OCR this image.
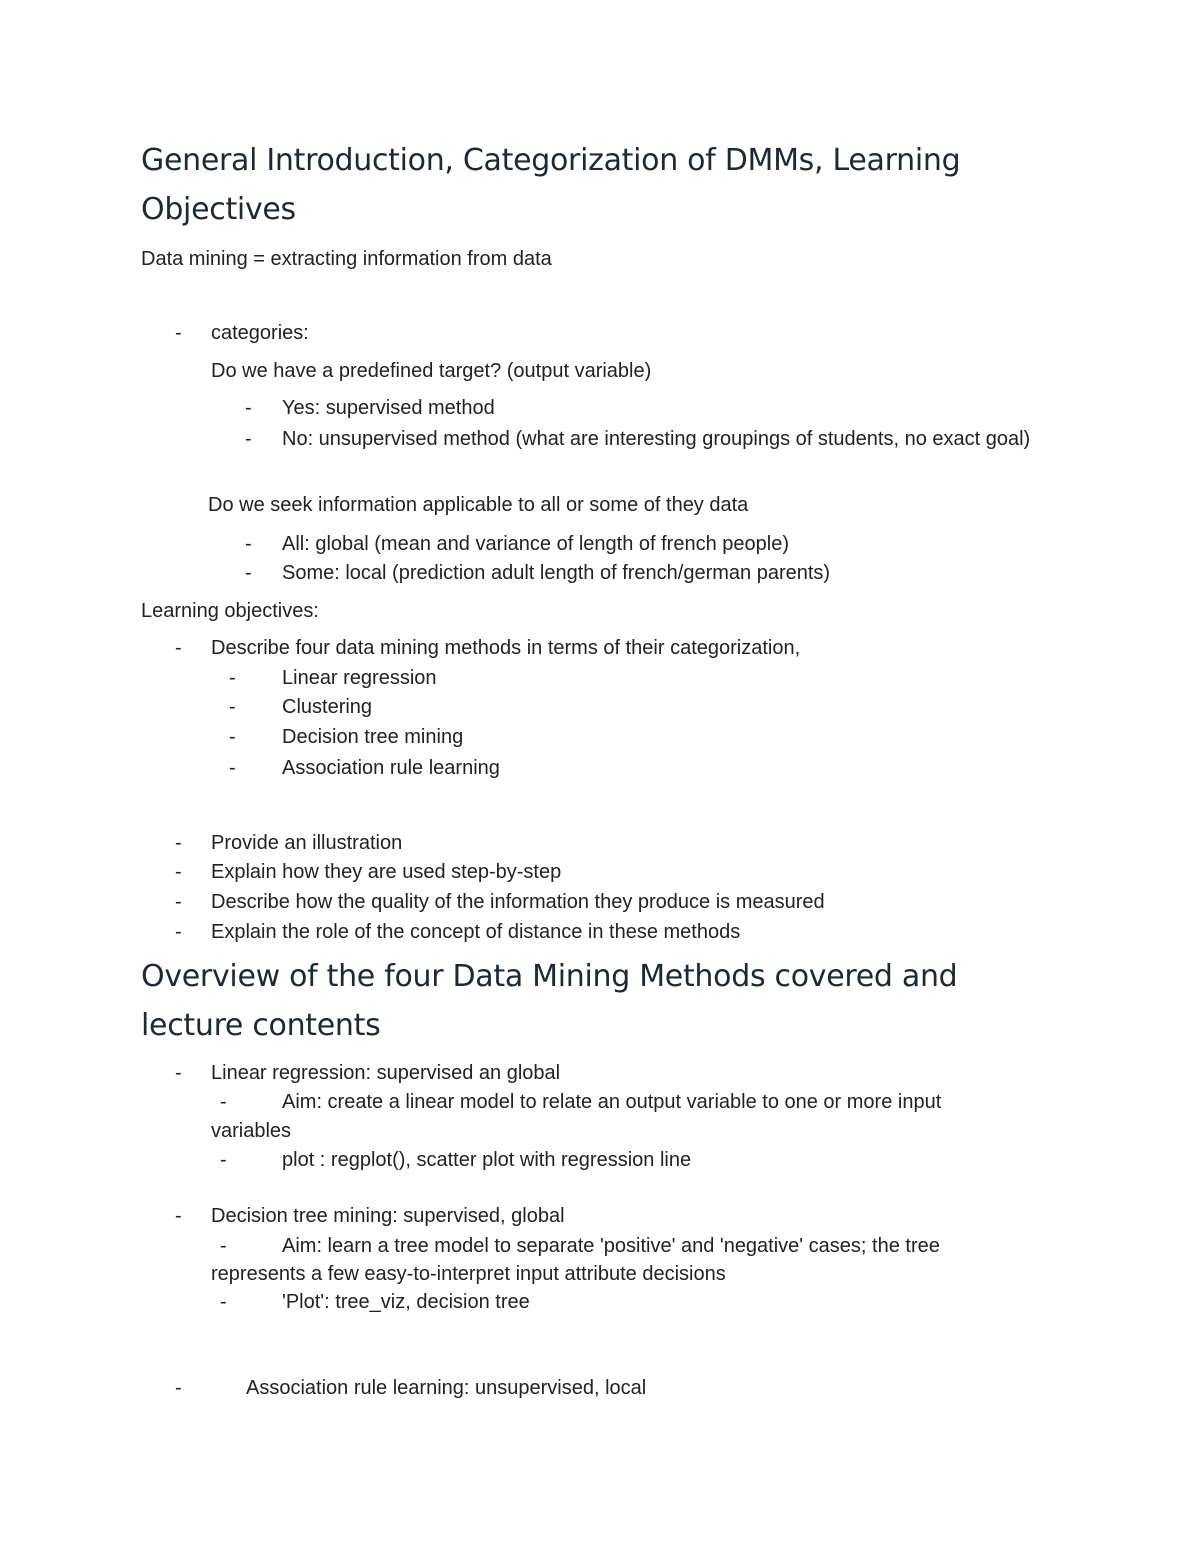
General Introduction, Categorization of DMMs, Learning Objectives
Data mining = extracting information from data
- categories:
Do we have a predefined target? (output variable)
- Yes: supervised method
- No: unsupervised method (what are interesting groupings of students, no exact goal)
Do we seek information applicable to all or some of they data
- All: global (mean and variance of length of french people)
- Some: local (prediction adult length of french/german parents)
Learning objectives:
- Describe four data mining methods in terms of their categorization,
- Linear regression
- Clustering
- Decision tree mining
- Association rule learning
- Provide an illustration
- Explain how they are used step-by-step
- Describe how the quality of the information they produce is measured
- Explain the role of the concept of distance in these methods
Overview of the four Data Mining Methods covered and lecture contents
- Linear regression: supervised an global
-	Aim: create a linear model to relate an output variable to one or more input
variables
-	plot : regplot(), scatter plot with regression line
- Decision tree mining: supervised, global
-	Aim: learn a tree model to separate 'positive' and 'negative' cases; the tree
represents a few easy-to-interpret input attribute decisions
-	'Plot': tree_viz, decision tree
-	Association rule learning: unsupervised, local
